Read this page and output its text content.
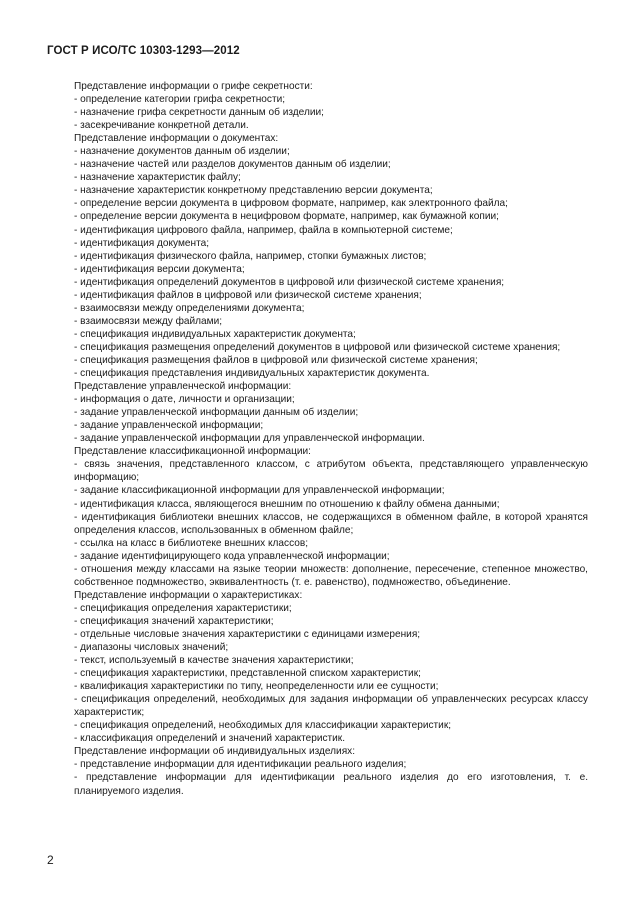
ГОСТ Р ИСО/ТС 10303-1293—2012

Представление информации о грифе секретности:

- определение категории грифа секретности;

- назначение грифа секретности данным об изделии;

- засекречивание конкретной детали.

Представление информации о документах:

- назначение документов данным об изделии;

- назначение частей или разделов документов данным об изделии;

- назначение характеристик файлу;

- назначение характеристик конкретному представлению версии документа;

- определение версии документа в цифровом формате, например, как электронного файла;

- определение версии документа в нецифровом формате, например, как бумажной копии;

- идентификация цифрового файла, например, файла в компьютерной системе;

- идентификация документа;

- идентификация физического файла, например, стопки бумажных листов;

- идентификация версии документа;

- идентификация определений документов в цифровой или физической системе хранения;

- идентификация файлов в цифровой или физической системе хранения;

- взаимосвязи между определениями документа;

- взаимосвязи между файлами;

- спецификация индивидуальных характеристик документа;

- спецификация размещения определений документов в цифровой или физической системе хранения;

- спецификация размещения файлов в цифровой или физической системе хранения;

- спецификация представления индивидуальных характеристик документа.

Представление управленческой информации:

- информация о дате, личности и организации;

- задание управленческой информации данным об изделии;

- задание управленческой информации;

- задание управленческой информации для управленческой информации.

Представление классификационной информации:

- связь значения, представленного классом, с атрибутом объекта, представляющего управленческую информацию;

- задание классификационной информации для управленческой информации;

- идентификация класса, являющегося внешним по отношению к файлу обмена данными;

- идентификация библиотеки внешних классов, не содержащихся в обменном файле, в которой хранятся определения классов, использованных в обменном файле;

- ссылка на класс в библиотеке внешних классов;

- задание идентифицирующего кода управленческой информации;

- отношения между классами на языке теории множеств: дополнение, пересечение, степенное множество, собственное подмножество, эквивалентность (т. е. равенство), подмножество, объединение.

Представление информации о характеристиках:

- спецификация определения характеристики;

- спецификация значений характеристики;

- отдельные числовые значения характеристики с единицами измерения;

- диапазоны числовых значений;

- текст, используемый в качестве значения характеристики;

- спецификация характеристики, представленной списком характеристик;

- квалификация характеристики по типу, неопределенности или ее сущности;

- спецификация определений, необходимых для задания информации об управленческих ресурсах классу характеристик;

- спецификация определений, необходимых для классификации характеристик;

- классификация определений и значений характеристик.

Представление информации об индивидуальных изделиях:

- представление информации для идентификации реального изделия;

- представление информации для идентификации реального изделия до его изготовления, т. е. планируемого изделия.

2
